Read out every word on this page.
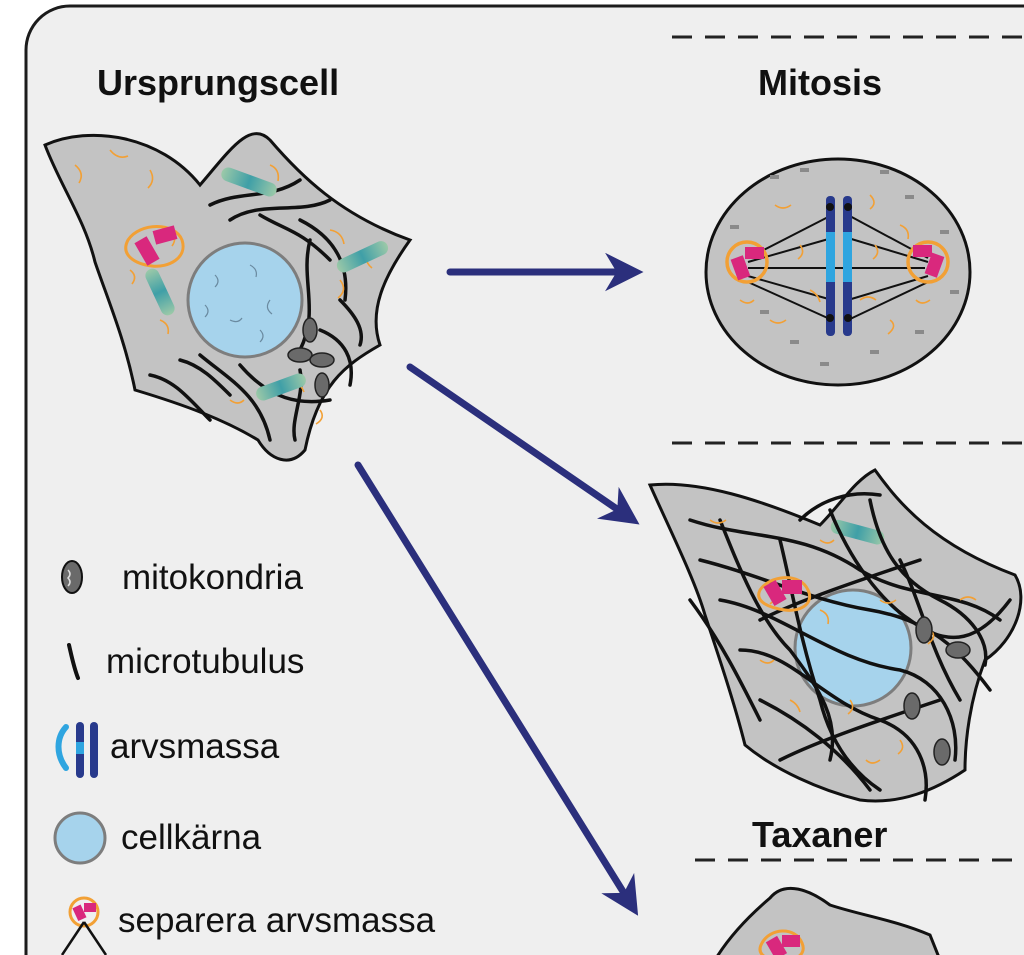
Ursprungscell	Mitosis
Taxaner
mitokondria
microtubulus
arvsmassa
cellkärna
separera arvsmassa
